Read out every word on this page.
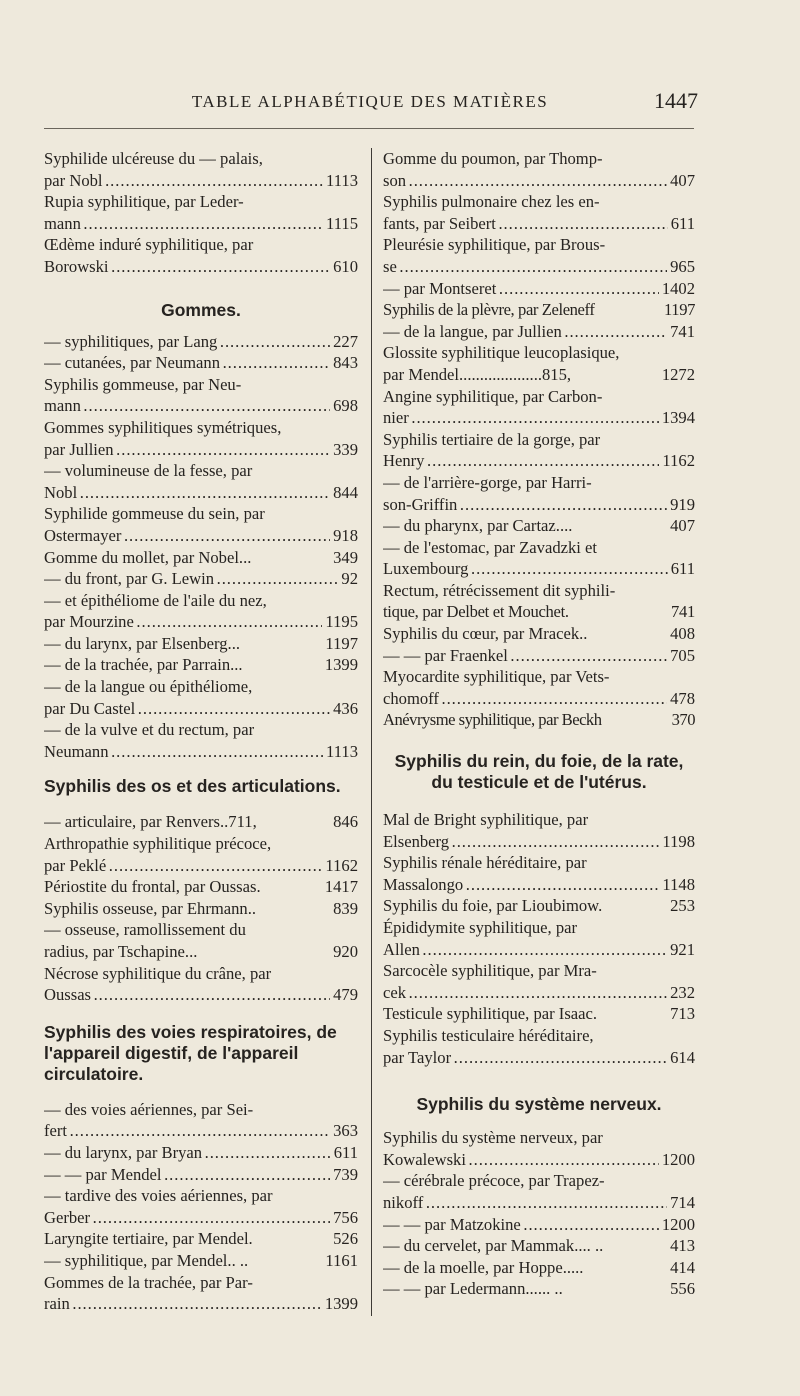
TABLE ALPHABÉTIQUE DES MATIÈRES	1447
Syphilide ulcéreuse du — palais,
par Nobl . . .	1113
Rupia syphilitique, par Leder-
mann . . .	1115
Œdème induré syphilitique, par
Borowski . . .	610
Gommes.
— syphilitiques, par Lang . . .	227
— cutanées, par Neumann . . .	843
Syphilis gommeuse, par Neu-
mann . . .	698
Gommes syphilitiques symétriques,
par Jullien . . .	339
— volumineuse de la fesse, par
Nobl . . .	844
Syphilide gommeuse du sein, par
Ostermayer . . .	918
Gomme du mollet, par Nobel...	349
— du front, par G. Lewin . . .	92
— et épithéliome de l'aile du nez,
par Mourzine . . .	1195
— du larynx, par Elsenberg...	1197
— de la trachée, par Parrain...	1399
— de la langue ou épithéliome,
par Du Castel . . .	436
— de la vulve et du rectum, par
Neumann . . .	1113
Syphilis des os et des articulations.
— articulaire, par Renvers..711,	846
Arthropathie syphilitique précoce,
par Peklé . . .	1162
Périostite du frontal, par Oussas.	1417
Syphilis osseuse, par Ehrmann..	839
— osseuse, ramollissement du
radius, par Tschapine...	920
Nécrose syphilitique du crâne, par
Oussas . . .	479
Syphilis des voies respiratoires, de l'appareil digestif, de l'appareil circulatoire.
— des voies aériennes, par Sei-
fert . . .	363
— du larynx, par Bryan . . .	611
— — par Mendel . . .	739
— tardive des voies aériennes, par
Gerber . . .	756
Laryngite tertiaire, par Mendel.	526
— syphilitique, par Mendel.. ..	1161
Gommes de la trachée, par Par-
rain . . .	1399
Gomme du poumon, par Thomp-
son . . .	407
Syphilis pulmonaire chez les en-
fants, par Seibert . . .	611
Pleurésie syphilitique, par Brous-
se . . .	965
— par Montseret . . .	1402
Syphilis de la plèvre, par Zeleneff	1197
— de la langue, par Jullien . . .	741
Glossite syphilitique leucoplasique,
par Mendel....................815,	1272
Angine syphilitique, par Carbon-
nier . . .	1394
Syphilis tertiaire de la gorge, par
Henry . . .	1162
— de l'arrière-gorge, par Harri-
son-Griffin . . .	919
— du pharynx, par Cartaz....	407
— de l'estomac, par Zavadzki et
Luxembourg . . .	611
Rectum, rétrécissement dit syphili-
tique, par Delbet et Mouchet.	741
Syphilis du cœur, par Mracek..	408
— — par Fraenkel . . .	705
Myocardite syphilitique, par Vets-
chomoff . . .	478
Anévrysme syphilitique, par Beckh	370
Syphilis du rein, du foie, de la rate, du testicule et de l'utérus.
Mal de Bright syphilitique, par
Elsenberg . . .	1198
Syphilis rénale héréditaire, par
Massalongo . . .	1148
Syphilis du foie, par Lioubimow.	253
Épididymite syphilitique, par
Allen . . .	921
Sarcocèle syphilitique, par Mra-
cek . . .	232
Testicule syphilitique, par Isaac.	713
Syphilis testiculaire héréditaire,
par Taylor . . .	614
Syphilis du système nerveux.
Syphilis du système nerveux, par
Kowalewski . . .	1200
— cérébrale précoce, par Trapez-
nikoff . . .	714
— — par Matzokine . . .	1200
— du cervelet, par Mammak.... ..	413
— de la moelle, par Hoppe.....	414
— — par Ledermann...... ..	556
